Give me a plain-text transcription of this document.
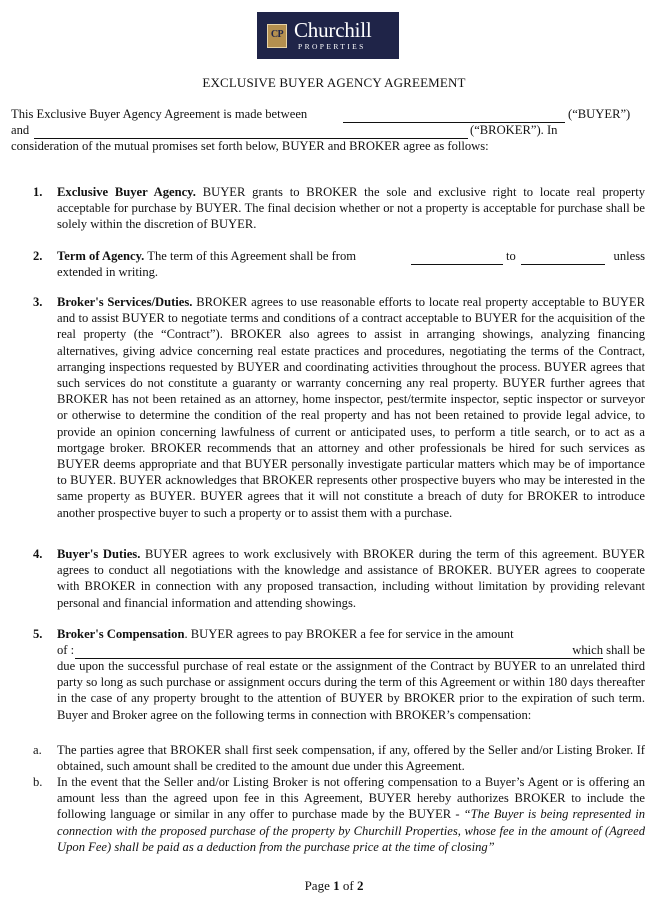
CP Churchill
PROPERTIES
EXCLUSIVE BUYER AGENCY AGREEMENT
This Exclusive Buyer Agency Agreement is made between	(“BUYER”)
and	(“BROKER”). In
consideration of the mutual promises set forth below, BUYER and BROKER agree as follows:
1.	Exclusive Buyer Agency. BUYER grants to BROKER the sole and exclusive right to locate real property acceptable for purchase by BUYER. The final decision whether or not a property is acceptable for purchase shall be solely within the discretion of BUYER.
2.	Term of Agency. The term of this Agreement shall be from	to	unless
extended in writing.
3.	Broker's Services/Duties. BROKER agrees to use reasonable efforts to locate real property acceptable to BUYER and to assist BUYER to negotiate terms and conditions of a contract acceptable to BUYER for the acquisition of the real property (the “Contract”). BROKER also agrees to assist in arranging showings, analyzing financing alternatives, giving advice concerning real estate practices and procedures, negotiating the terms of the Contract, arranging inspections requested by BUYER and coordinating activities throughout the process. BUYER agrees that such services do not constitute a guaranty or warranty concerning any real property. BUYER further agrees that BROKER has not been retained as an attorney, home inspector, pest/termite inspector, septic inspector or surveyor or otherwise to determine the condition of the real property and has not been retained to provide legal advice, to provide an opinion concerning lawfulness of current or anticipated uses, to perform a title search, or to act as a mortgage broker. BROKER recommends that an attorney and other professionals be hired for such services as BUYER deems appropriate and that BUYER personally investigate particular matters which may be of importance to BUYER. BUYER acknowledges that BROKER represents other prospective buyers who may be interested in the same property as BUYER. BUYER agrees that it will not constitute a breach of duty for BROKER to introduce another prospective buyer to such a property or to assist them with a purchase.
4.	Buyer's Duties. BUYER agrees to work exclusively with BROKER during the term of this agreement. BUYER agrees to conduct all negotiations with the knowledge and assistance of BROKER. BUYER agrees to cooperate with BROKER in connection with any proposed transaction, including without limitation by providing relevant personal and financial information and attending showings.
5.	Broker's Compensation. BUYER agrees to pay BROKER a fee for service in the amount
of :	which shall be
due upon the successful purchase of real estate or the assignment of the Contract by BUYER to an unrelated third party so long as such purchase or assignment occurs during the term of this Agreement or within 180 days thereafter in the case of any property brought to the attention of BUYER by BROKER prior to the expiration of such term. Buyer and Broker agree on the following terms in connection with BROKER’s compensation:
a.	The parties agree that BROKER shall first seek compensation, if any, offered by the Seller and/or Listing Broker. If obtained, such amount shall be credited to the amount due under this Agreement.
b.	In the event that the Seller and/or Listing Broker is not offering compensation to a Buyer’s Agent or is offering an amount less than the agreed upon fee in this Agreement, BUYER hereby authorizes BROKER to include the following language or similar in any offer to purchase made by the BUYER - “The Buyer is being represented in connection with the proposed purchase of the property by Churchill Properties, whose fee in the amount of (Agreed Upon Fee) shall be paid as a deduction from the purchase price at the time of closing”
Page 1 of 2
